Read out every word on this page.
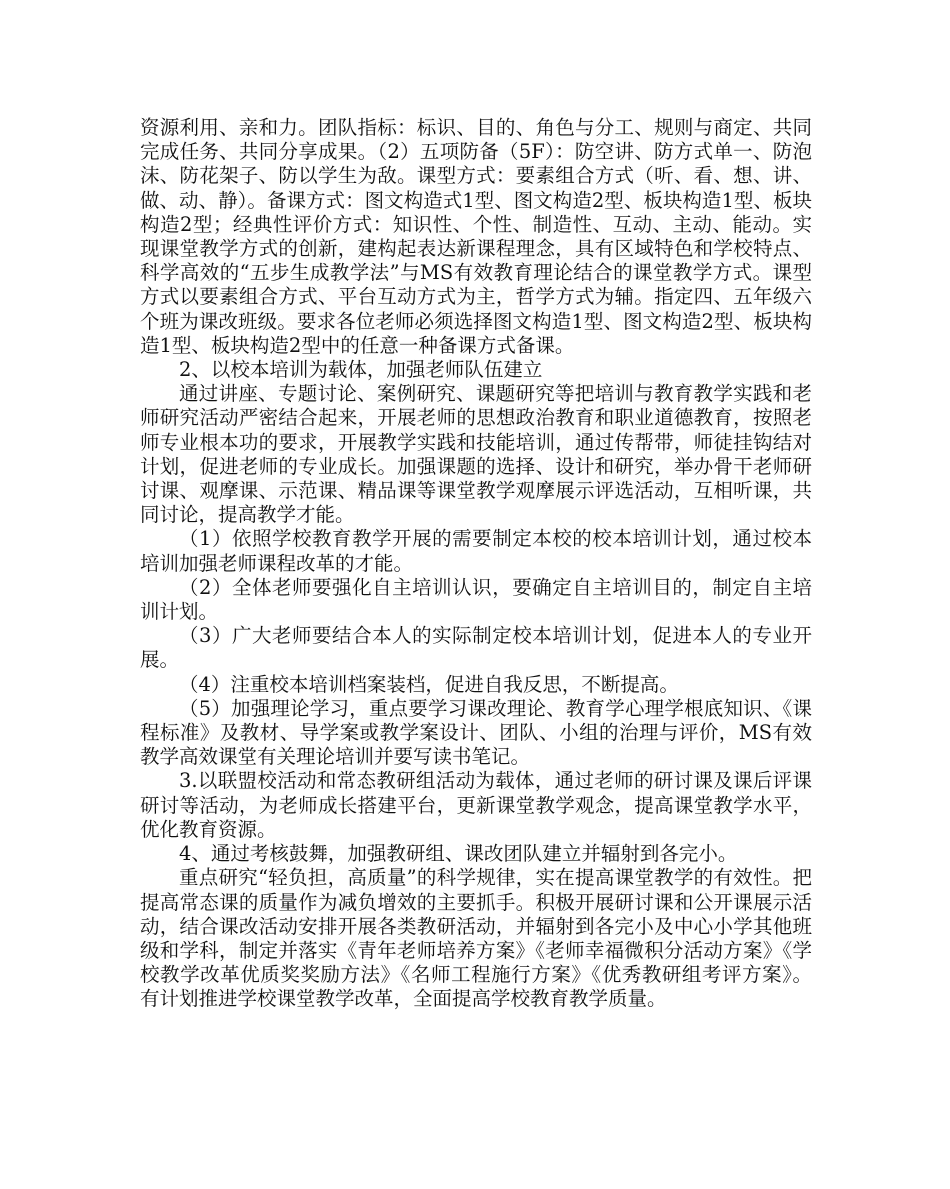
资源利用、亲和力。团队指标：标识、目的、角色与分工、规则与商定、共同完成任务、共同分享成果。（2）五项防备（5F）：防空讲、防方式单一、防泡沫、防花架子、防以学生为敌。课型方式：要素组合方式（听、看、想、讲、做、动、静）。备课方式：图文构造式1型、图文构造2型、板块构造1型、板块构造2型；经典性评价方式：知识性、个性、制造性、互动、主动、能动。实现课堂教学方式的创新，建构起表达新课程理念，具有区域特色和学校特点、科学高效的“五步生成教学法”与MS有效教育理论结合的课堂教学方式。课型方式以要素组合方式、平台互动方式为主，哲学方式为辅。指定四、五年级六个班为课改班级。要求各位老师必须选择图文构造1型、图文构造2型、板块构造1型、板块构造2型中的任意一种备课方式备课。

2、以校本培训为载体，加强老师队伍建立

通过讲座、专题讨论、案例研究、课题研究等把培训与教育教学实践和老师研究活动严密结合起来，开展老师的思想政治教育和职业道德教育，按照老师专业根本功的要求，开展教学实践和技能培训，通过传帮带，师徒挂钩结对计划，促进老师的专业成长。加强课题的选择、设计和研究，举办骨干老师研讨课、观摩课、示范课、精品课等课堂教学观摩展示评选活动，互相听课，共同讨论，提高教学才能。

（1）依照学校教育教学开展的需要制定本校的校本培训计划，通过校本培训加强老师课程改革的才能。

（2）全体老师要强化自主培训认识，要确定自主培训目的，制定自主培训计划。

（3）广大老师要结合本人的实际制定校本培训计划，促进本人的专业开展。

（4）注重校本培训档案装档，促进自我反思，不断提高。

（5）加强理论学习，重点要学习课改理论、教育学心理学根底知识、《课程标准》及教材、导学案或教学案设计、团队、小组的治理与评价，MS有效教学高效课堂有关理论培训并要写读书笔记。

3.以联盟校活动和常态教研组活动为载体，通过老师的研讨课及课后评课研讨等活动，为老师成长搭建平台，更新课堂教学观念，提高课堂教学水平，优化教育资源。

4、通过考核鼓舞，加强教研组、课改团队建立并辐射到各完小。

重点研究“轻负担，高质量”的科学规律，实在提高课堂教学的有效性。把提高常态课的质量作为减负增效的主要抓手。积极开展研讨课和公开课展示活动，结合课改活动安排开展各类教研活动，并辐射到各完小及中心小学其他班级和学科，制定并落实《青年老师培养方案》《老师幸福微积分活动方案》《学校教学改革优质奖奖励方法》《名师工程施行方案》《优秀教研组考评方案》。有计划推进学校课堂教学改革，全面提高学校教育教学质量。
